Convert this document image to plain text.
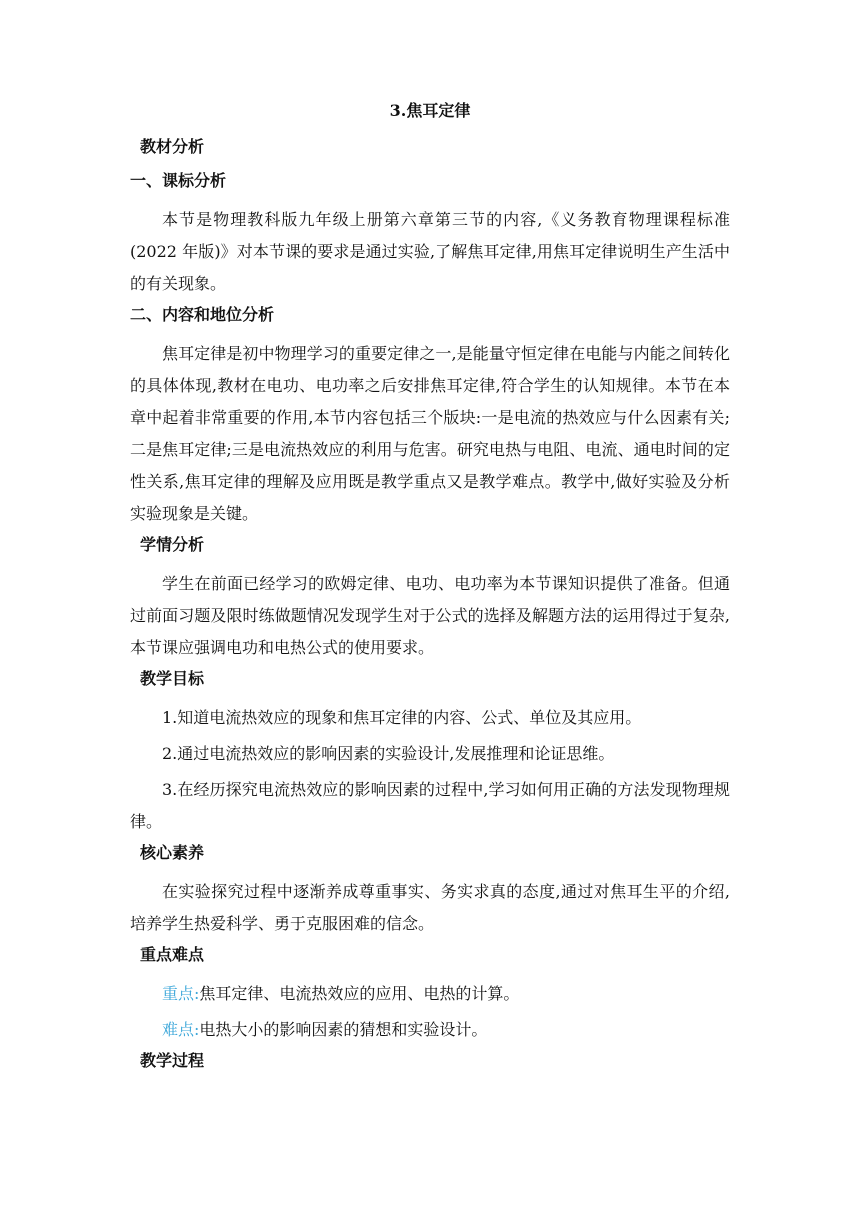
3.焦耳定律
教材分析
一、课标分析

本节是物理教科版九年级上册第六章第三节的内容,《义务教育物理课程标准(2022 年版)》对本节课的要求是通过实验,了解焦耳定律,用焦耳定律说明生产生活中的有关现象。

二、内容和地位分析

焦耳定律是初中物理学习的重要定律之一,是能量守恒定律在电能与内能之间转化的具体体现,教材在电功、电功率之后安排焦耳定律,符合学生的认知规律。本节在本章中起着非常重要的作用,本节内容包括三个版块:一是电流的热效应与什么因素有关;二是焦耳定律;三是电流热效应的利用与危害。研究电热与电阻、电流、通电时间的定性关系,焦耳定律的理解及应用既是教学重点又是教学难点。教学中,做好实验及分析实验现象是关键。

学情分析

学生在前面已经学习的欧姆定律、电功、电功率为本节课知识提供了准备。但通过前面习题及限时练做题情况发现学生对于公式的选择及解题方法的运用得过于复杂,本节课应强调电功和电热公式的使用要求。

教学目标

1.知道电流热效应的现象和焦耳定律的内容、公式、单位及其应用。

2.通过电流热效应的影响因素的实验设计,发展推理和论证思维。

3.在经历探究电流热效应的影响因素的过程中,学习如何用正确的方法发现物理规律。

核心素养

在实验探究过程中逐渐养成尊重事实、务实求真的态度,通过对焦耳生平的介绍,培养学生热爱科学、勇于克服困难的信念。

重点难点

重点:焦耳定律、电流热效应的应用、电热的计算。

难点:电热大小的影响因素的猜想和实验设计。

教学过程
